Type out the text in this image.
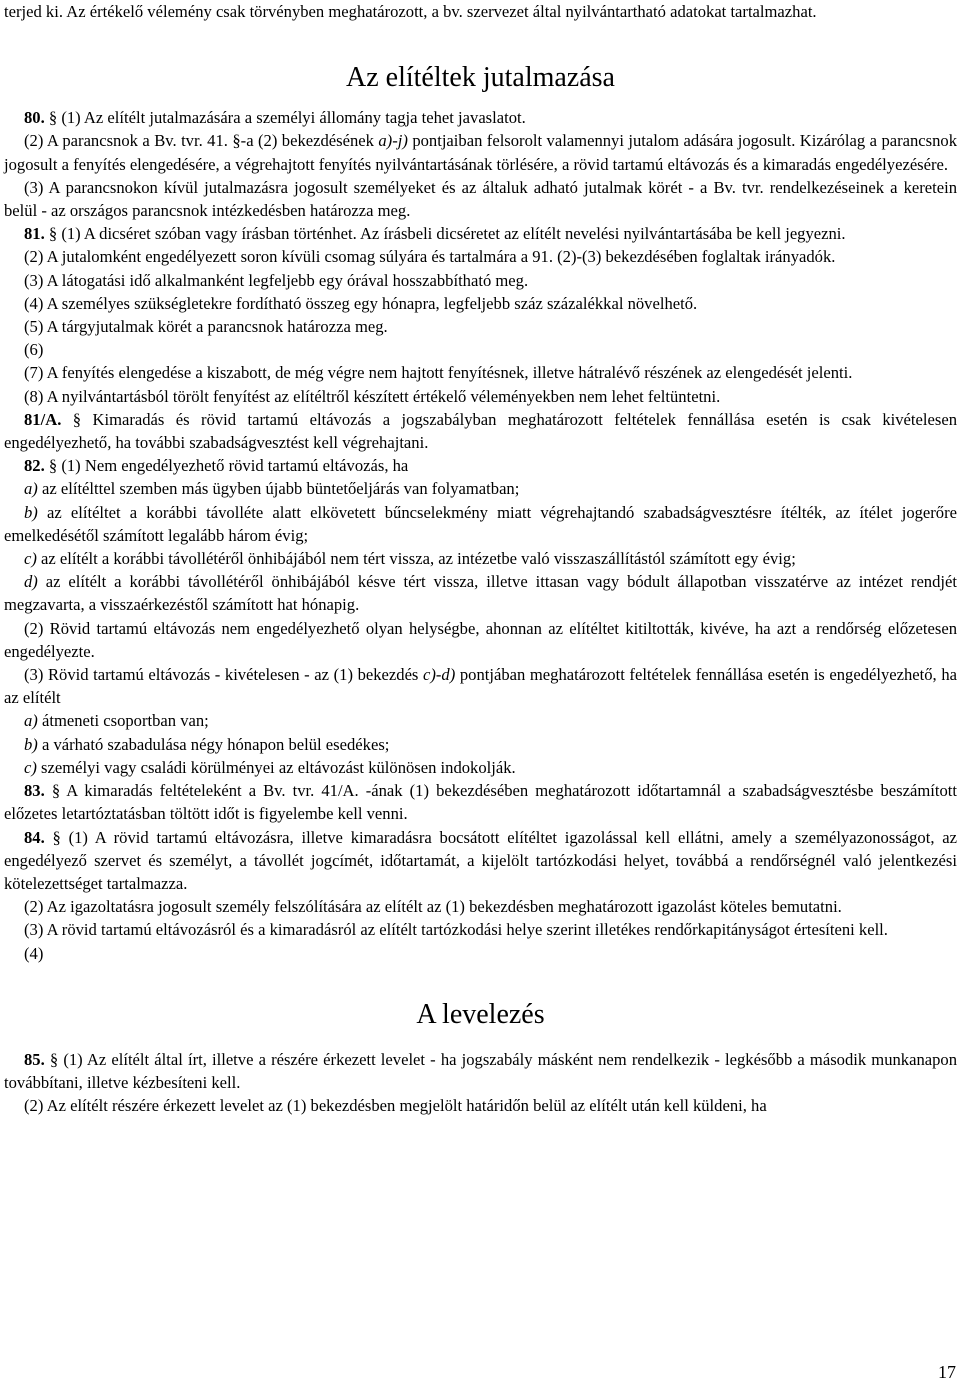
terjed ki. Az értékelő vélemény csak törvényben meghatározott, a bv. szervezet által nyilvántartható adatokat tartalmazhat.

Az elítéltek jutalmazása

80. § (1) Az elítélt jutalmazására a személyi állomány tagja tehet javaslatot.

(2) A parancsnok a Bv. tvr. 41. §-a (2) bekezdésének a)-j) pontjaiban felsorolt valamennyi jutalom adására jogosult. Kizárólag a parancsnok jogosult a fenyítés elengedésére, a végrehajtott fenyítés nyilvántartásának törlésére, a rövid tartamú eltávozás és a kimaradás engedélyezésére.

(3) A parancsnokon kívül jutalmazásra jogosult személyeket és az általuk adható jutalmak körét - a Bv. tvr. rendelkezéseinek a keretein belül - az országos parancsnok intézkedésben határozza meg.

81. § (1) A dicséret szóban vagy írásban történhet. Az írásbeli dicséretet az elítélt nevelési nyilvántartásába be kell jegyezni.

(2) A jutalomként engedélyezett soron kívüli csomag súlyára és tartalmára a 91. (2)-(3) bekezdésében foglaltak irányadók.

(3) A látogatási idő alkalmanként legfeljebb egy órával hosszabbítható meg.

(4) A személyes szükségletekre fordítható összeg egy hónapra, legfeljebb száz százalékkal növelhető.

(5) A tárgyjutalmak körét a parancsnok határozza meg.

(6)

(7) A fenyítés elengedése a kiszabott, de még végre nem hajtott fenyítésnek, illetve hátralévő részének az elengedését jelenti.

(8) A nyilvántartásból törölt fenyítést az elítéltről készített értékelő véleményekben nem lehet feltüntetni.

81/A. § Kimaradás és rövid tartamú eltávozás a jogszabályban meghatározott feltételek fennállása esetén is csak kivételesen engedélyezhető, ha további szabadságvesztést kell végrehajtani.

82. § (1) Nem engedélyezhető rövid tartamú eltávozás, ha

a) az elítélttel szemben más ügyben újabb büntetőeljárás van folyamatban;

b) az elítéltet a korábbi távolléte alatt elkövetett bűncselekmény miatt végrehajtandó szabadságvesztésre ítélték, az ítélet jogerőre emelkedésétől számított legalább három évig;

c) az elítélt a korábbi távollétéről önhibájából nem tért vissza, az intézetbe való visszaszállítástól számított egy évig;

d) az elítélt a korábbi távollétéről önhibájából késve tért vissza, illetve ittasan vagy bódult állapotban visszatérve az intézet rendjét megzavarta, a visszaérkezéstől számított hat hónapig.

(2) Rövid tartamú eltávozás nem engedélyezhető olyan helységbe, ahonnan az elítéltet kitiltották, kivéve, ha azt a rendőrség előzetesen engedélyezte.

(3) Rövid tartamú eltávozás - kivételesen - az (1) bekezdés c)-d) pontjában meghatározott feltételek fennállása esetén is engedélyezhető, ha az elítélt

a) átmeneti csoportban van;

b) a várható szabadulása négy hónapon belül esedékes;

c) személyi vagy családi körülményei az eltávozást különösen indokolják.

83. § A kimaradás feltételeként a Bv. tvr. 41/A. -ának (1) bekezdésében meghatározott időtartamnál a szabadságvesztésbe beszámított előzetes letartóztatásban töltött időt is figyelembe kell venni.

84. § (1) A rövid tartamú eltávozásra, illetve kimaradásra bocsátott elítéltet igazolással kell ellátni, amely a személyazonosságot, az engedélyező szervet és személyt, a távollét jogcímét, időtartamát, a kijelölt tartózkodási helyet, továbbá a rendőrségnél való jelentkezési kötelezettséget tartalmazza.

(2) Az igazoltatásra jogosult személy felszólítására az elítélt az (1) bekezdésben meghatározott igazolást köteles bemutatni.

(3) A rövid tartamú eltávozásról és a kimaradásról az elítélt tartózkodási helye szerint illetékes rendőrkapitányságot értesíteni kell.

(4)

A levelezés

85. § (1) Az elítélt által írt, illetve a részére érkezett levelet - ha jogszabály másként nem rendelkezik - legkésőbb a második munkanapon továbbítani, illetve kézbesíteni kell.

(2) Az elítélt részére érkezett levelet az (1) bekezdésben megjelölt határidőn belül az elítélt után kell küldeni, ha

17
